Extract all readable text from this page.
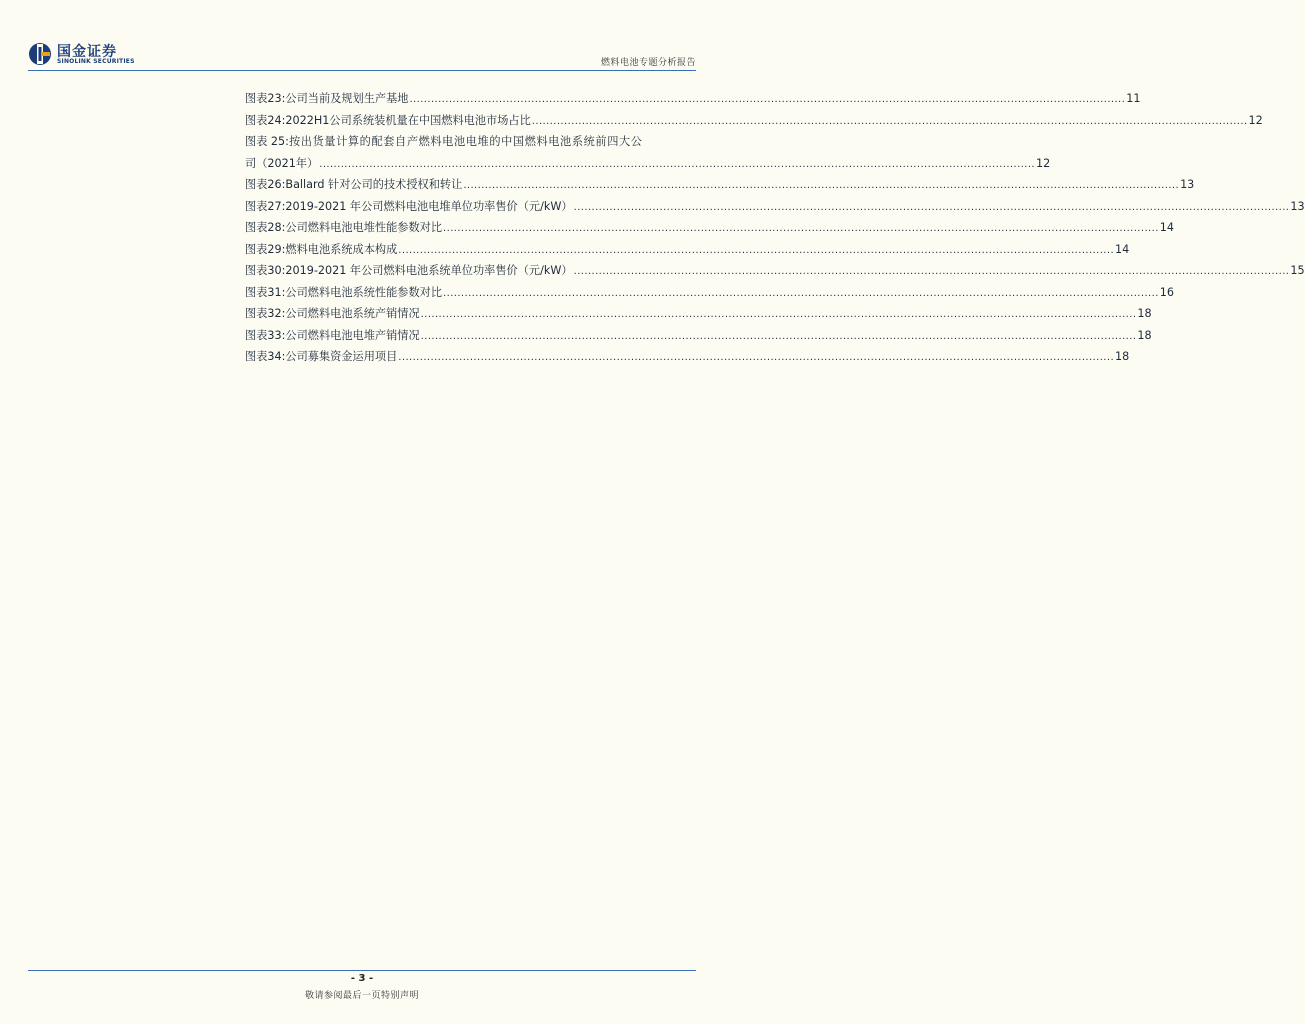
国金证券
SINOLINK SECURITIES	燃料电池专题分析报告
图表23: 公司当前及规划生产基地 ........................................................................................................................................................................................................ 11
图表24: 2022H1公司系统装机量在中国燃料电池市场占比 ........................................................................................................................................................................................................ 12
图表 25: 按出货量计算的配套自产燃料电池电堆的中国燃料电池系统前四大公
司（2021年） ........................................................................................................................................................................................................ 12
图表26: Ballard 针对公司的技术授权和转让 ........................................................................................................................................................................................................ 13
图表27: 2019-2021 年公司燃料电池电堆单位功率售价（元/kW） ........................................................................................................................................................................................................ 13
图表28: 公司燃料电池电堆性能参数对比 ........................................................................................................................................................................................................ 14
图表29: 燃料电池系统成本构成 ........................................................................................................................................................................................................ 14
图表30: 2019-2021 年公司燃料电池系统单位功率售价（元/kW） ........................................................................................................................................................................................................ 15
图表31: 公司燃料电池系统性能参数对比 ........................................................................................................................................................................................................ 16
图表32: 公司燃料电池系统产销情况 ........................................................................................................................................................................................................ 18
图表33: 公司燃料电池电堆产销情况 ........................................................................................................................................................................................................ 18
图表34: 公司募集资金运用项目 ........................................................................................................................................................................................................ 18
- 3 -
敬请参阅最后一页特别声明
